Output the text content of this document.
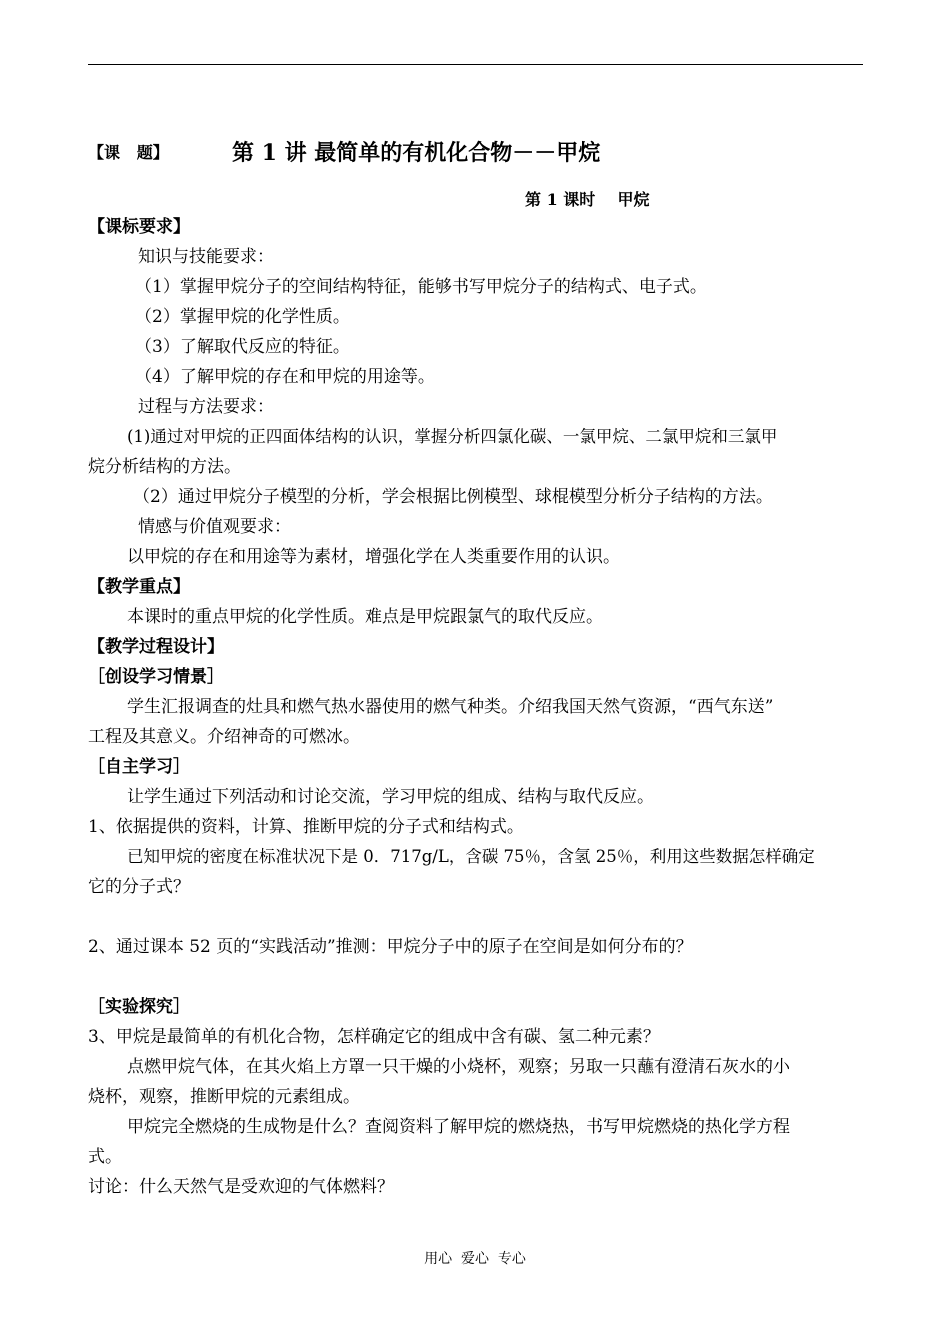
【课   题】	第 1 讲 最简单的有机化合物－－甲烷
第 1 课时    甲烷
【课标要求】
知识与技能要求：
（1）掌握甲烷分子的空间结构特征，能够书写甲烷分子的结构式、电子式。
（2）掌握甲烷的化学性质。
（3）了解取代反应的特征。
（4）了解甲烷的存在和甲烷的用途等。
过程与方法要求：
(1)通过对甲烷的正四面体结构的认识，掌握分析四氯化碳、一氯甲烷、二氯甲烷和三氯甲
烷分析结构的方法。
（2）通过甲烷分子模型的分析，学会根据比例模型、球棍模型分析分子结构的方法。
情感与价值观要求：
以甲烷的存在和用途等为素材，增强化学在人类重要作用的认识。
【教学重点】
本课时的重点甲烷的化学性质。难点是甲烷跟氯气的取代反应。
【教学过程设计】
［创设学习情景］
学生汇报调查的灶具和燃气热水器使用的燃气种类。介绍我国天然气资源，“西气东送”
工程及其意义。介绍神奇的可燃冰。
［自主学习］
让学生通过下列活动和讨论交流，学习甲烷的组成、结构与取代反应。
1、依据提供的资料，计算、推断甲烷的分子式和结构式。
已知甲烷的密度在标准状况下是 0．717g/L，含碳 75％，含氢 25％，利用这些数据怎样确定
它的分子式？
2、通过课本 52 页的“实践活动”推测：甲烷分子中的原子在空间是如何分布的？
［实验探究］
3、甲烷是最简单的有机化合物，怎样确定它的组成中含有碳、氢二种元素？
点燃甲烷气体，在其火焰上方罩一只干燥的小烧杯，观察；另取一只蘸有澄清石灰水的小
烧杯，观察，推断甲烷的元素组成。
甲烷完全燃烧的生成物是什么？查阅资料了解甲烷的燃烧热，书写甲烷燃烧的热化学方程
式。
讨论：什么天然气是受欢迎的气体燃料？
用心  爱心  专心
